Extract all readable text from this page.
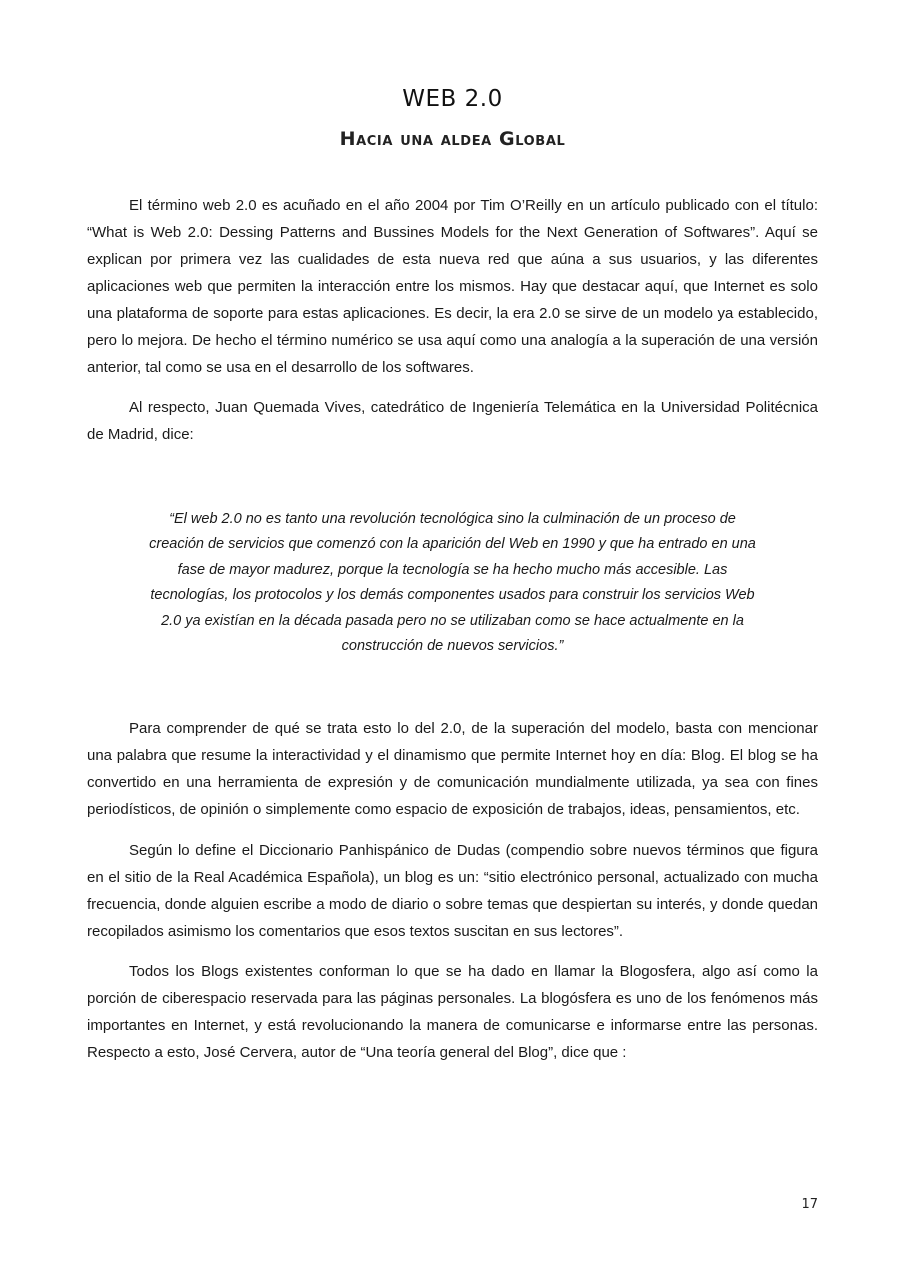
WEB 2.0
Hacia una aldea Global

El término web 2.0 es acuñado en el año 2004 por Tim O’Reilly en un artículo publicado con el título: “What is Web 2.0: Dessing Patterns and Bussines Models for the Next Generation of Softwares”. Aquí se explican por primera vez las cualidades de esta nueva red que aúna a sus usuarios, y las diferentes aplicaciones web que permiten la interacción entre los mismos. Hay que destacar aquí, que Internet es solo una plataforma de soporte para estas aplicaciones. Es decir, la era 2.0 se sirve de un modelo ya establecido, pero lo mejora. De hecho el término numérico se usa aquí como una analogía a la superación de una versión anterior, tal como se usa en el desarrollo de los softwares.

Al respecto, Juan Quemada Vives, catedrático de Ingeniería Telemática en la Universidad Politécnica de Madrid, dice:

“El web 2.0 no es tanto una revolución tecnológica sino la culminación de un proceso de creación de servicios que comenzó con la aparición del Web en 1990 y que ha entrado en una fase de mayor madurez, porque la tecnología se ha hecho mucho más accesible. Las tecnologías, los protocolos y los demás componentes usados para construir los servicios Web 2.0 ya existían en la década pasada pero no se utilizaban como se hace actualmente en la construcción de nuevos servicios.”

Para comprender de qué se trata esto lo del 2.0, de la superación del modelo, basta con mencionar una palabra que resume la interactividad y el dinamismo que permite Internet hoy en día: Blog. El blog se ha convertido en una herramienta de expresión y de comunicación mundialmente utilizada, ya sea con fines periodísticos, de opinión o simplemente como espacio de exposición de trabajos, ideas, pensamientos, etc.

Según lo define el Diccionario Panhispánico de Dudas (compendio sobre nuevos términos que figura en el sitio de la Real Académica Española), un blog es un: “sitio electrónico personal, actualizado con mucha frecuencia, donde alguien escribe a modo de diario o sobre temas que despiertan su interés, y donde quedan recopilados asimismo los comentarios que esos textos suscitan en sus lectores”.

Todos los Blogs existentes conforman lo que se ha dado en llamar la Blogosfera, algo así como la porción de ciberespacio reservada para las páginas personales. La blogósfera es uno de los fenómenos más importantes en Internet, y está revolucionando la manera de comunicarse e informarse entre las personas. Respecto a esto, José Cervera, autor de “Una teoría general del Blog”, dice que :

17
